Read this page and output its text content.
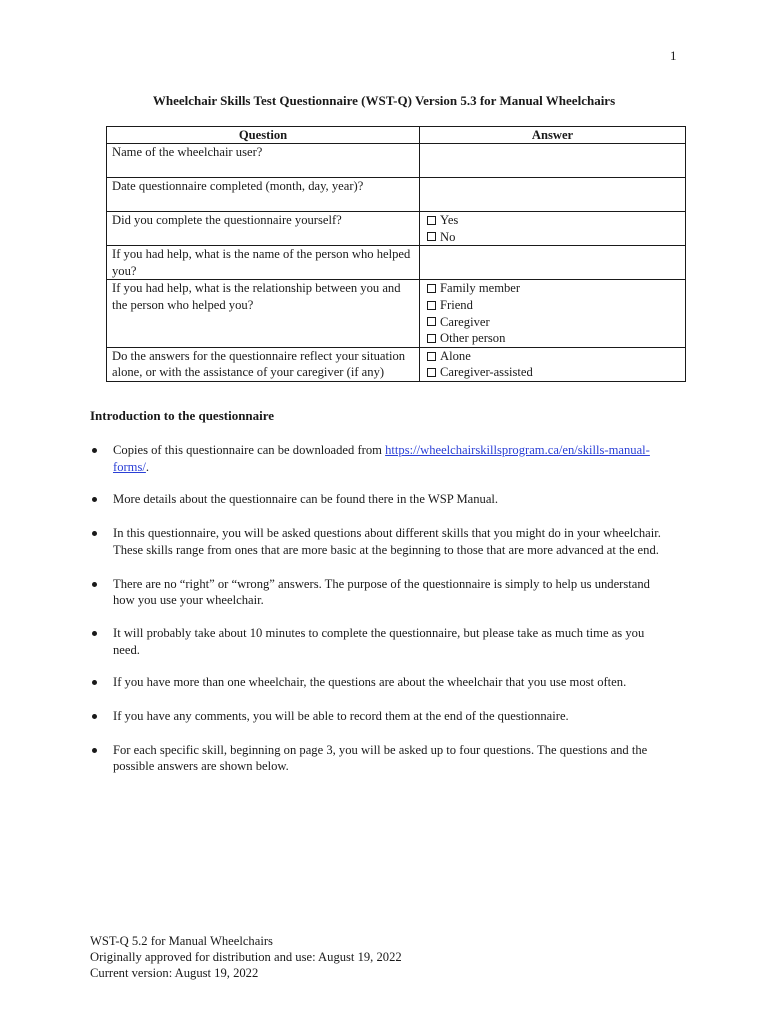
1
Wheelchair Skills Test Questionnaire (WST-Q) Version 5.3 for Manual Wheelchairs
Question	Answer
Name of the wheelchair user?	
Date questionnaire completed (month, day, year)?	
Did you complete the questionnaire yourself?	Yes
No

If you had help, what is the name of the person who helped you?	
If you had help, what is the relationship between you and the person who helped you?	Family member
Friend
Caregiver
Other person

Do the answers for the questionnaire reflect your situation alone, or with the assistance of your caregiver (if any)	Alone
Caregiver-assisted
Introduction to the questionnaire
Copies of this questionnaire can be downloaded from https://wheelchairskillsprogram.ca/en/skills-manual-forms/.
More details about the questionnaire can be found there in the WSP Manual.
In this questionnaire, you will be asked questions about different skills that you might do in your wheelchair. These skills range from ones that are more basic at the beginning to those that are more advanced at the end.
There are no “right” or “wrong” answers. The purpose of the questionnaire is simply to help us understand how you use your wheelchair.
It will probably take about 10 minutes to complete the questionnaire, but please take as much time as you need.
If you have more than one wheelchair, the questions are about the wheelchair that you use most often.
If you have any comments, you will be able to record them at the end of the questionnaire.
For each specific skill, beginning on page 3, you will be asked up to four questions. The questions and the possible answers are shown below.
WST-Q 5.2 for Manual Wheelchairs
Originally approved for distribution and use: August 19, 2022
Current version: August 19, 2022
